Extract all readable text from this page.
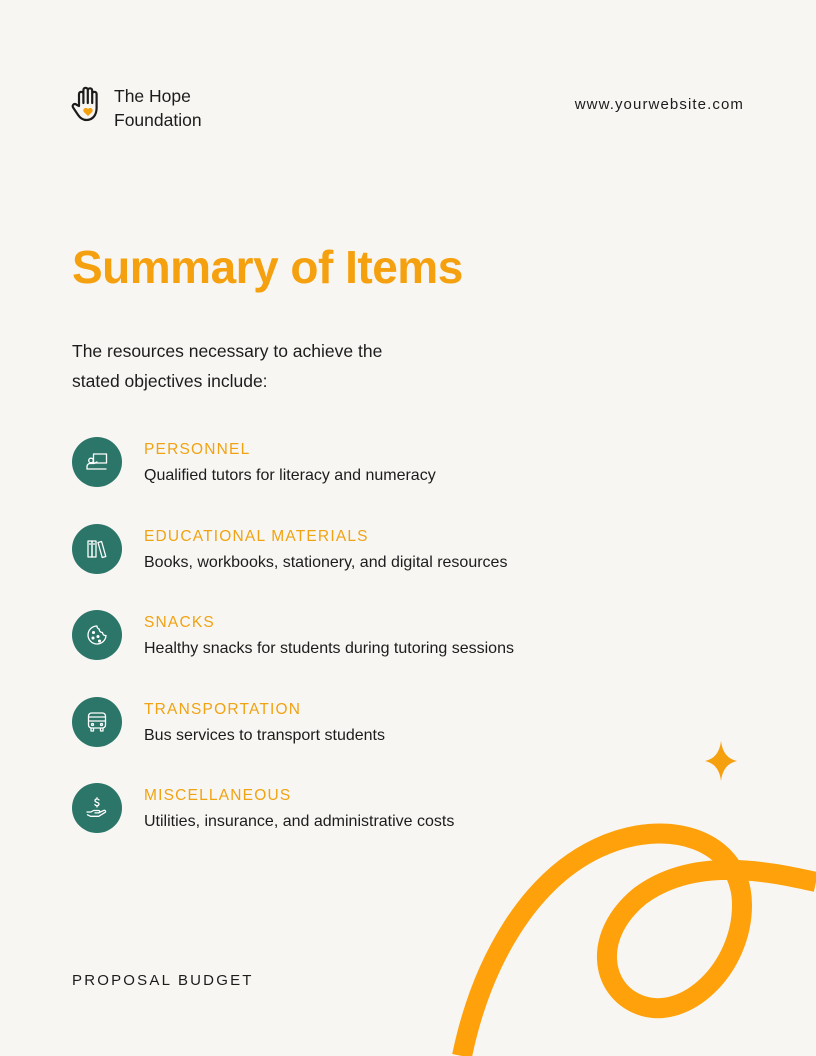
The Hope
Foundation
www.yourwebsite.com
Summary of Items
The resources necessary to achieve the
stated objectives include:
PERSONNEL
Qualified tutors for literacy and numeracy
EDUCATIONAL MATERIALS
Books, workbooks, stationery, and digital resources
SNACKS
Healthy snacks for students during tutoring sessions
TRANSPORTATION
Bus services to transport students
MISCELLANEOUS
Utilities, insurance, and administrative costs
PROPOSAL BUDGET
